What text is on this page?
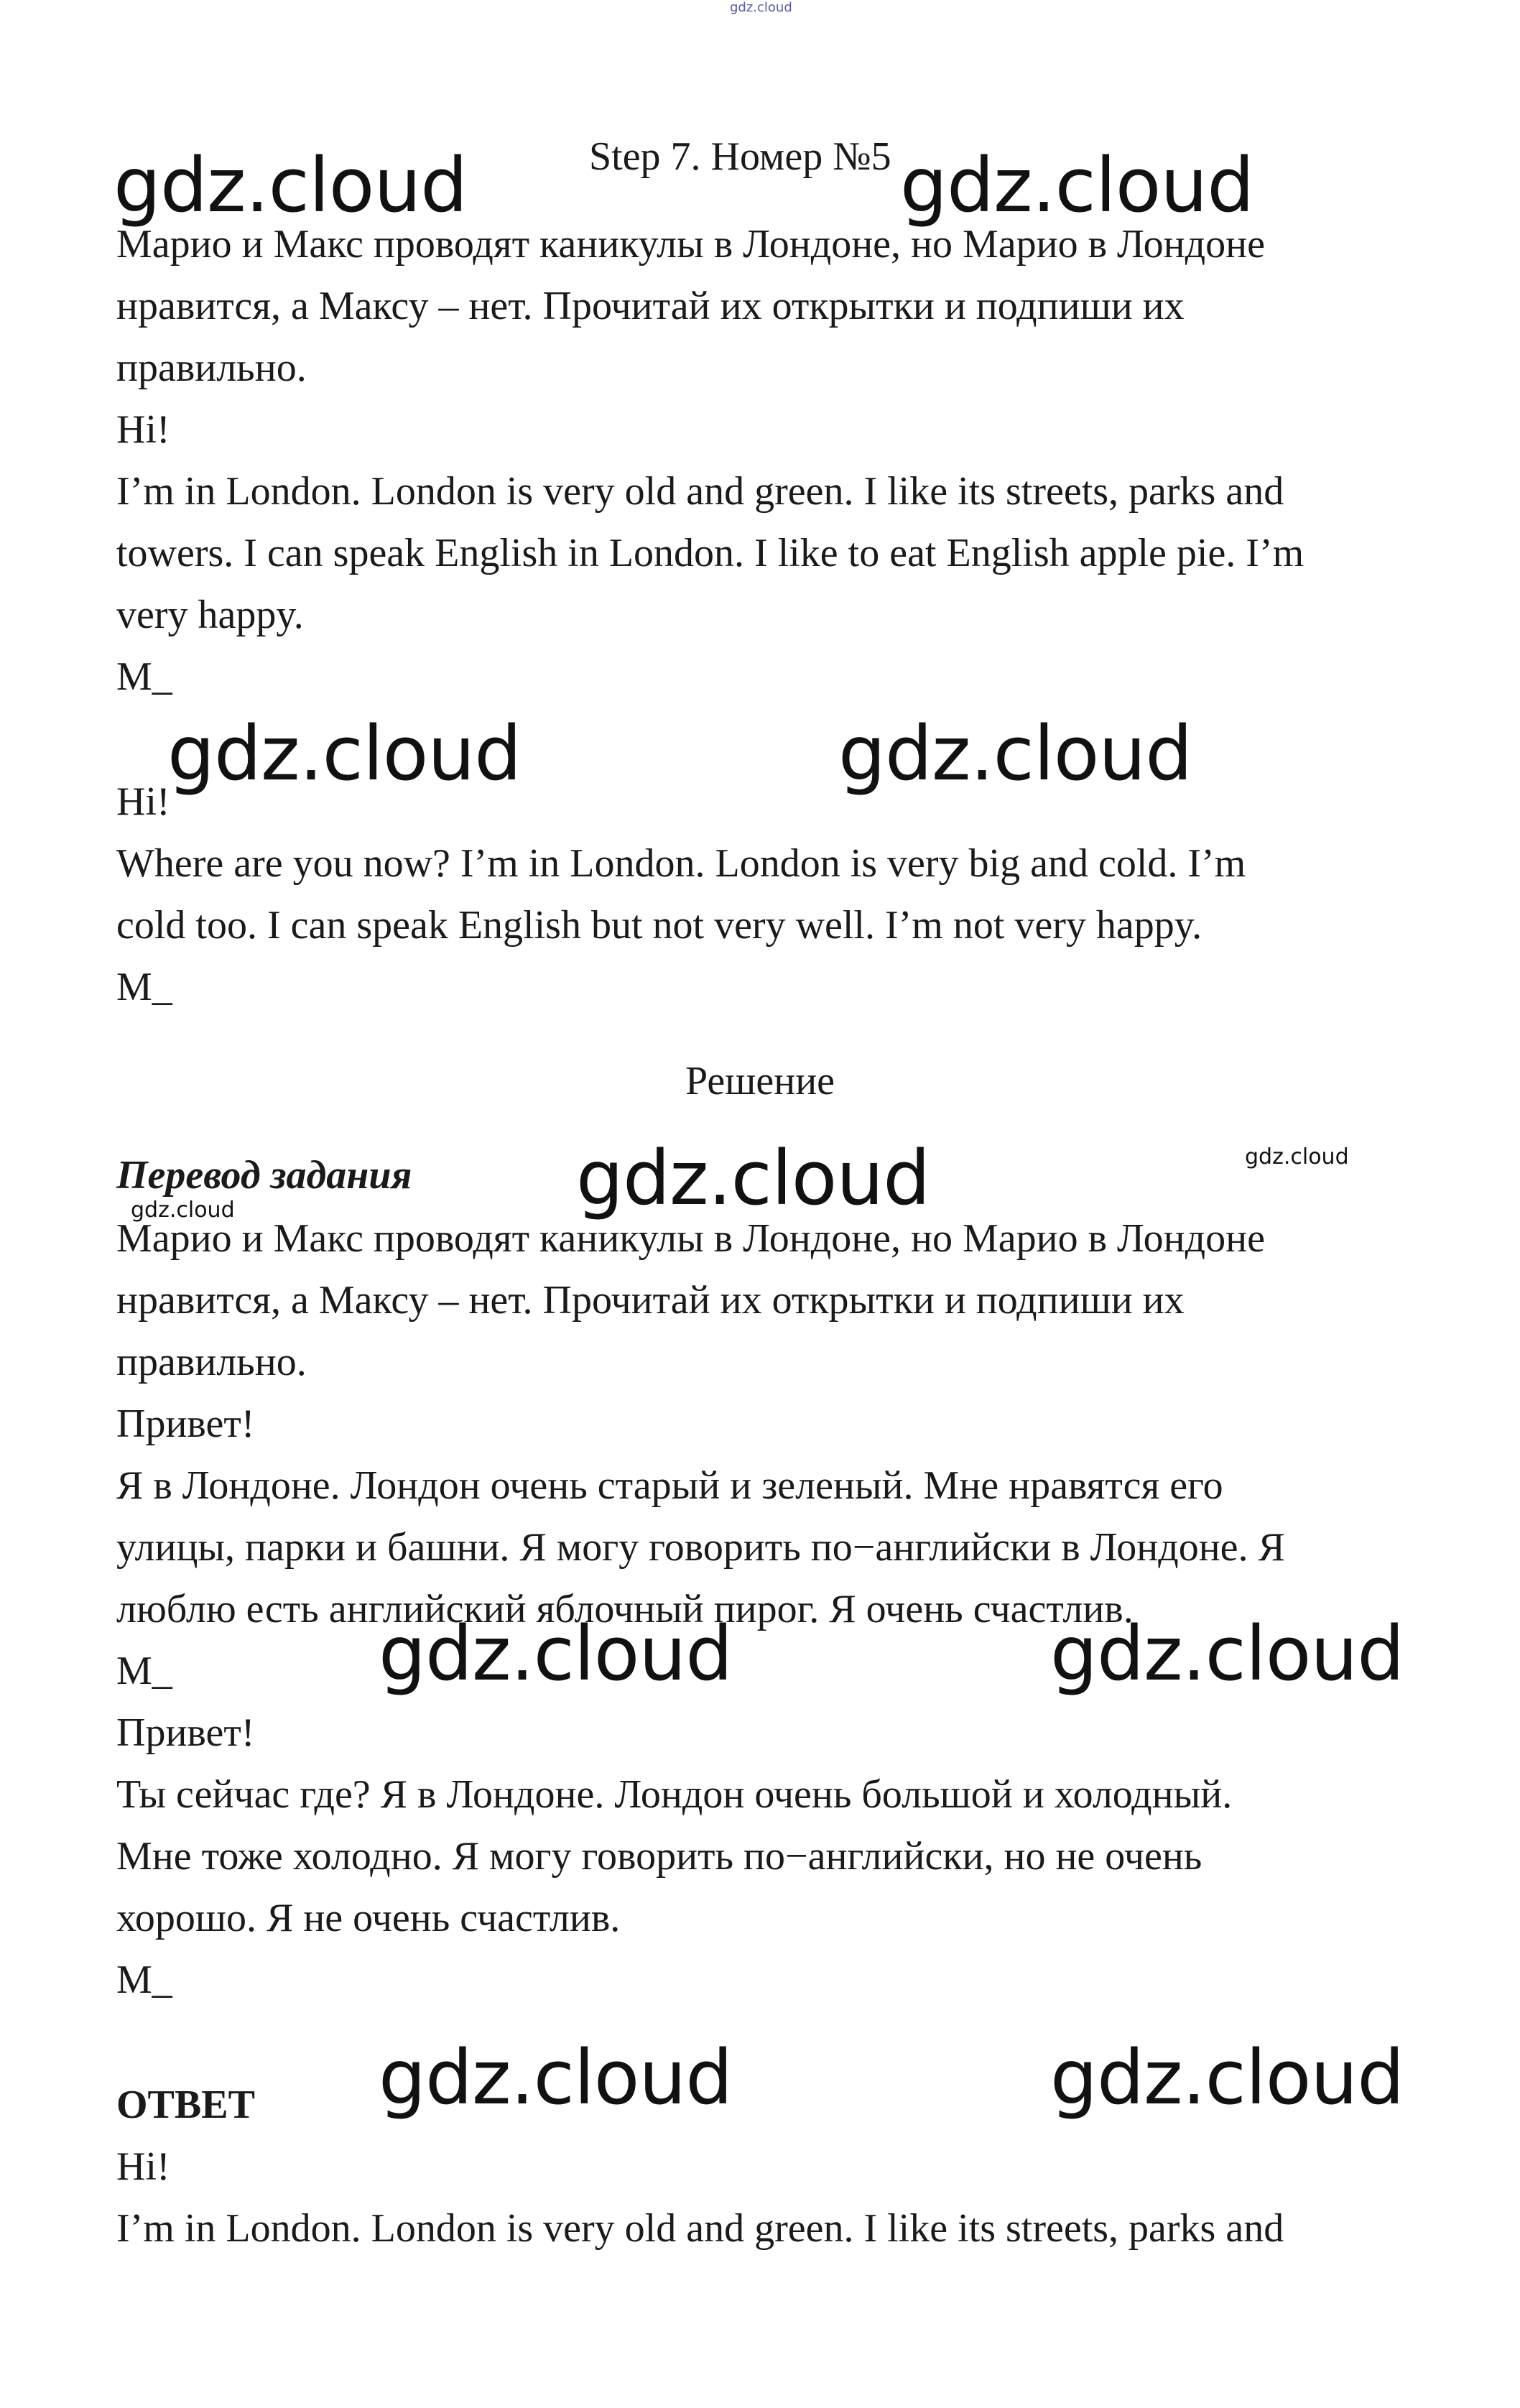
gdz.cloud
Step 7. Номер №5
Марио и Макс проводят каникулы в Лондоне, но Марио в Лондоне
нравится, а Максу – нет. Прочитай их открытки и подпиши их
правильно.
Hi!
I’m in London. London is very old and green. I like its streets, parks and
towers. I can speak English in London. I like to eat English apple pie. I’m
very happy.
M_
Hi!
Where are you now? I’m in London. London is very big and cold. I’m
cold too. I can speak English but not very well. I’m not very happy.
M_
Решение
Перевод задания
Марио и Макс проводят каникулы в Лондоне, но Марио в Лондоне
нравится, а Максу – нет. Прочитай их открытки и подпиши их
правильно.
Привет!
Я в Лондоне. Лондон очень старый и зеленый. Мне нравятся его
улицы, парки и башни. Я могу говорить по−английски в Лондоне. Я
люблю есть английский яблочный пирог. Я очень счастлив.
M_
Привет!
Ты сейчас где? Я в Лондоне. Лондон очень большой и холодный.
Мне тоже холодно. Я могу говорить по−английски, но не очень
хорошо. Я не очень счастлив.
M_
ОТВЕТ
Hi!
I’m in London. London is very old and green. I like its streets, parks and
gdz.cloud	gdz.cloud
gdz.cloud	gdz.cloud
gdz.cloud	gdz.cloud
gdz.cloud
gdz.cloud	gdz.cloud
gdz.cloud	gdz.cloud
